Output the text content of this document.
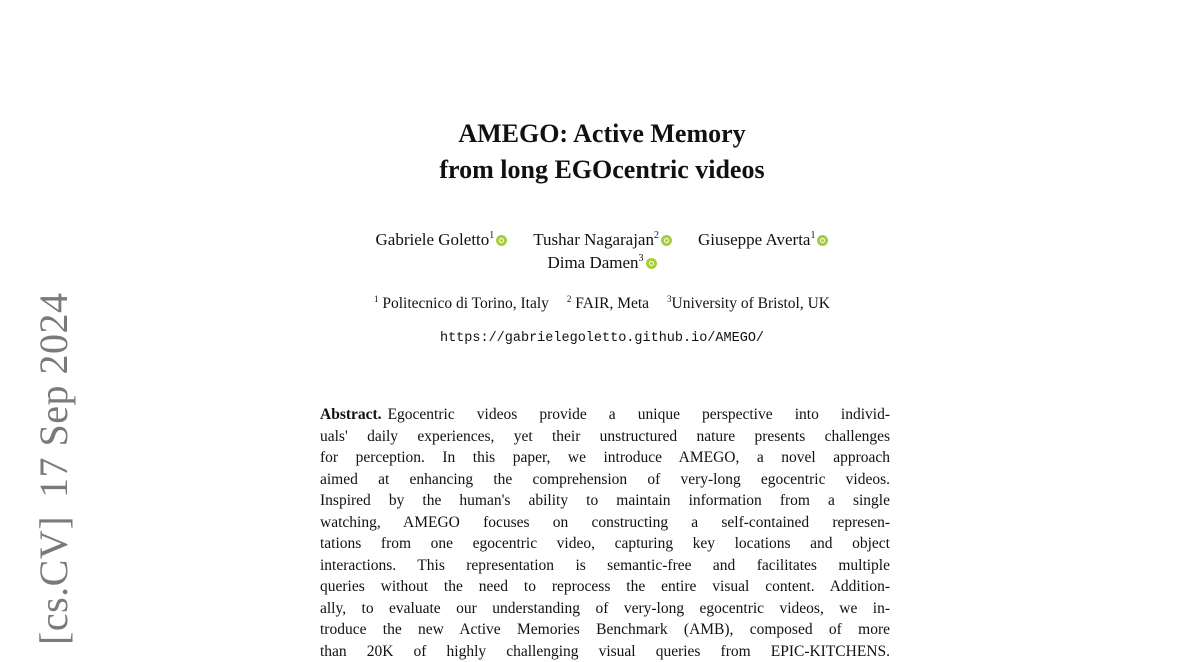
[cs.CV]17 Sep 2024
AMEGO: Active Memory
from long EGOcentric videos
Gabriele Goletto$^1$ Tushar Nagarajan$^2$ Giuseppe Averta$^1$
Dima Damen$^3$
$^1$ Politecnico di Torino, Italy $^2$ FAIR, Meta $^3$University of Bristol, UK
https://gabrielegoletto.github.io/AMEGO/
Abstract. Egocentric videos provide a unique perspective into individ-
uals' daily experiences, yet their unstructured nature presents challenges
for perception. In this paper, we introduce AMEGO, a novel approach
aimed at enhancing the comprehension of very-long egocentric videos.
Inspired by the human's ability to maintain information from a single
watching, AMEGO focuses on constructing a self-contained represen-
tations from one egocentric video, capturing key locations and object
interactions. This representation is semantic-free and facilitates multiple
queries without the need to reprocess the entire visual content. Addition-
ally, to evaluate our understanding of very-long egocentric videos, we in-
troduce the new Active Memories Benchmark (AMB), composed of more
than 20K of highly challenging visual queries from EPIC-KITCHENS.
